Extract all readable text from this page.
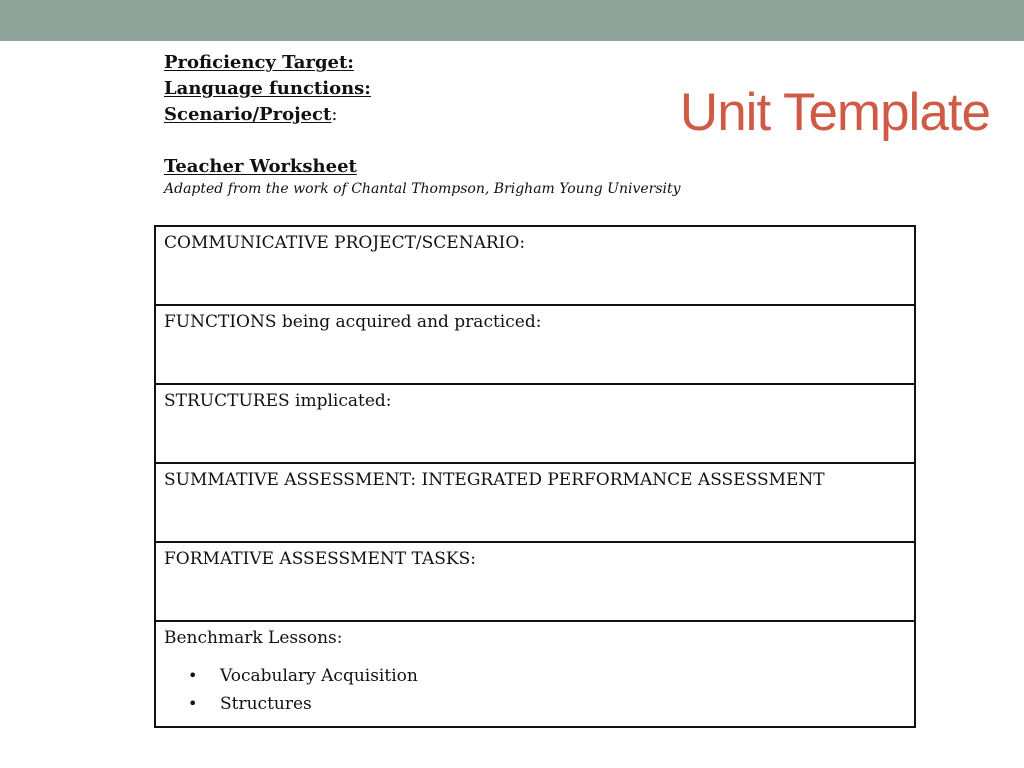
Unit Template
Proficiency Target:
Language functions:
Scenario/Project:
Teacher Worksheet
Adapted from the work of Chantal Thompson, Brigham Young University
COMMUNICATIVE PROJECT/SCENARIO:
FUNCTIONS being acquired and practiced:
STRUCTURES implicated:
SUMMATIVE ASSESSMENT: INTEGRATED PERFORMANCE ASSESSMENT
FORMATIVE ASSESSMENT TASKS:

Benchmark Lessons:
• Vocabulary Acquisition
• Structures
